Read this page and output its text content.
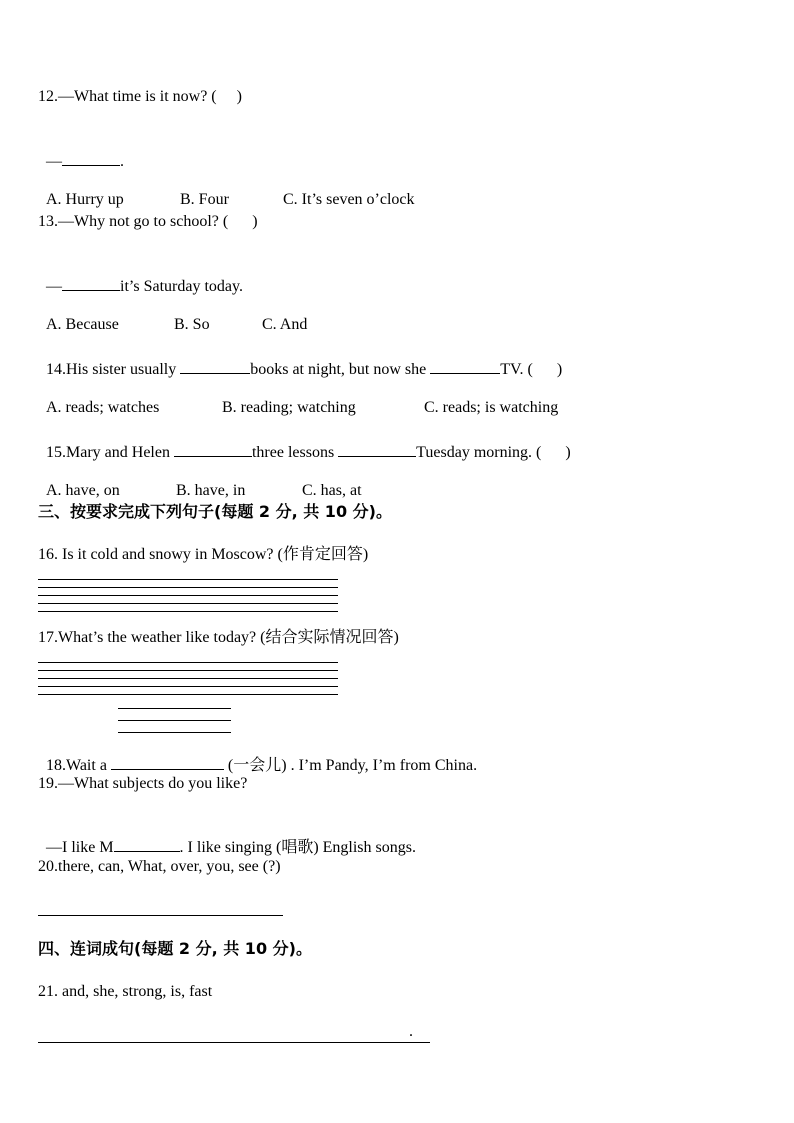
12.—What time is it now? (     )

—	.

A. Hurry up	B. Four	C. It’s seven o’clock

13.—Why not go to school? (      )

—	it’s Saturday today.

A. Because	B. So	C. And

14.His sister usually	books at night, but now she	TV. (      )

A. reads; watches	B. reading; watching	C. reads; is watching

15.Mary and Helen	three lessons	Tuesday morning. (      )

A. have, on	B. have, in	C. has, at

三、按要求完成下列句子(每题 2 分, 共 10 分)。
16. Is it cold and snowy in Moscow? (作肯定回答)
17.What’s the weather like today? (结合实际情况回答)

18.Wait a	(一会儿) . I’m Pandy, I’m from China.

19.—What subjects do you like?

—I like M	. I like singing (唱歌) English songs.

20.there, can, What, over, you, see (?)
四、连词成句(每题 2 分, 共 10 分)。
21. and, she, strong, is, fast
.
